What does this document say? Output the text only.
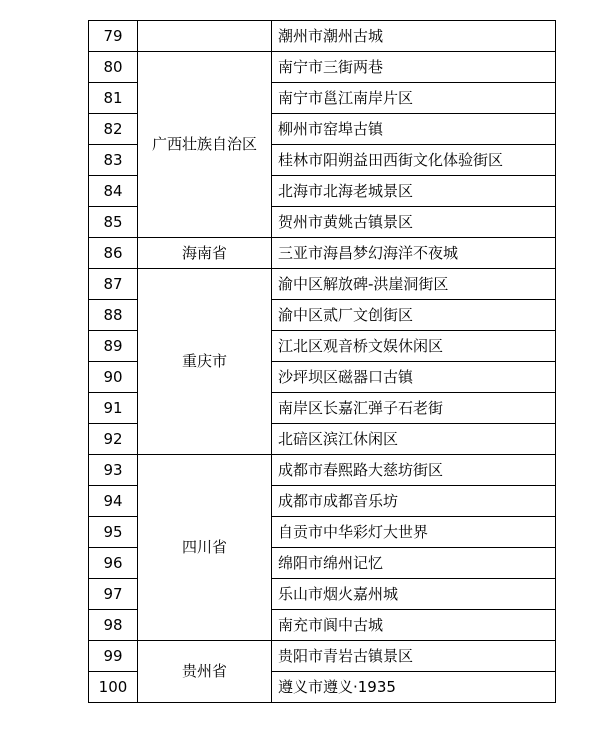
79		潮州市潮州古城
80	广西壮族自治区	南宁市三街两巷
81		南宁市邕江南岸片区
82		柳州市窑埠古镇
83		桂林市阳朔益田西街文化体验街区
84		北海市北海老城景区
85		贺州市黄姚古镇景区
86	海南省	三亚市海昌梦幻海洋不夜城
87	重庆市	渝中区解放碑-洪崖洞街区
88		渝中区贰厂文创街区
89		江北区观音桥文娱休闲区
90		沙坪坝区磁器口古镇
91		南岸区长嘉汇弹子石老街
92		北碚区滨江休闲区
93	四川省	成都市春熙路大慈坊街区
94		成都市成都音乐坊
95		自贡市中华彩灯大世界
96		绵阳市绵州记忆
97		乐山市烟火嘉州城
98		南充市阆中古城
99	贵州省	贵阳市青岩古镇景区
100		遵义市遵义·1935
